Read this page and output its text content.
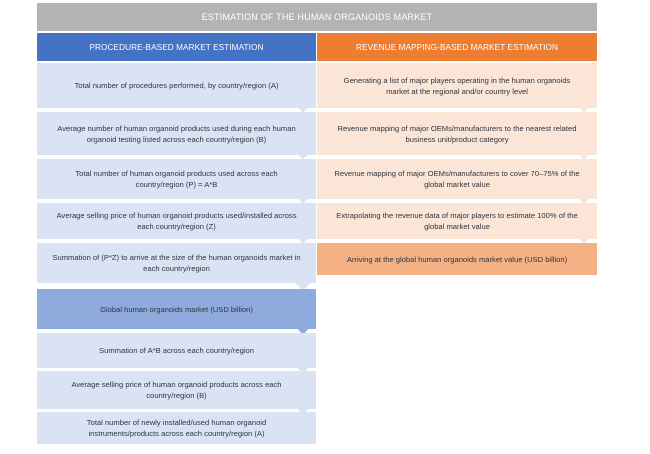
ESTIMATION OF THE HUMAN ORGANOIDS MARKET
PROCEDURE-BASED MARKET ESTIMATION	REVENUE MAPPING-BASED MARKET ESTIMATION
Total number of procedures performed, by country/region (A)
Average number of human organoid products used during each human organoid testing listed across each country/region (B)
Total number of human organoid products used across each country/region (P) = A*B
Average selling price of human organoid products used/installed across each country/region (Z)
Summation of (P*Z) to arrive at the size of the human organoids market in each country/region
Global human organoids market (USD billion)
Summation of A*B across each country/region
Average selling price of human organoid products across each country/region (B)
Total number of newly installed/used human organoid instruments/products across each country/region (A)
Generating a list of major players operating in the human organoids market at the regional and/or country level
Revenue mapping of major OEMs/manufacturers to the nearest related business unit/product category
Revenue mapping of major OEMs/manufacturers to cover 70–75% of the global market value
Extrapolating the revenue data of major players to estimate 100% of the global market value
Arriving at the global human organoids market value (USD billion)
